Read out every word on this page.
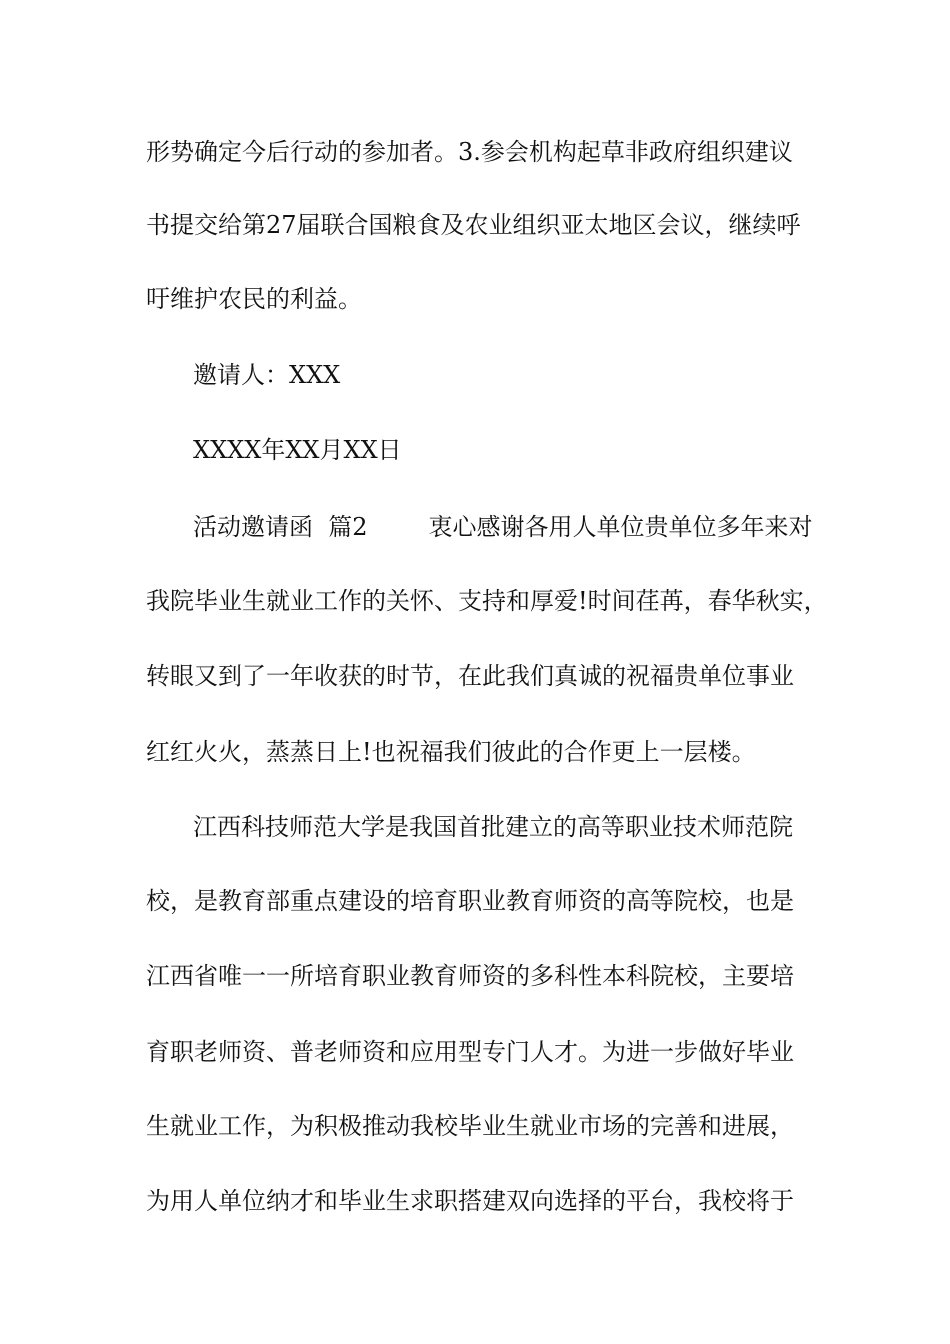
形势确定今后行动的参加者。3.参会机构起草非政府组织建议
书提交给第27届联合国粮食及农业组织亚太地区会议，继续呼
吁维护农民的利益。
邀请人：XXX
XXXX年XX月XX日
活动邀请函  篇2        衷心感谢各用人单位贵单位多年来对
我院毕业生就业工作的关怀、支持和厚爱!时间荏苒，春华秋实，
转眼又到了一年收获的时节，在此我们真诚的祝福贵单位事业
红红火火，蒸蒸日上!也祝福我们彼此的合作更上一层楼。
江西科技师范大学是我国首批建立的高等职业技术师范院
校，是教育部重点建设的培育职业教育师资的高等院校，也是
江西省唯一一所培育职业教育师资的多科性本科院校，主要培
育职老师资、普老师资和应用型专门人才。为进一步做好毕业
生就业工作，为积极推动我校毕业生就业市场的完善和进展，
为用人单位纳才和毕业生求职搭建双向选择的平台，我校将于
